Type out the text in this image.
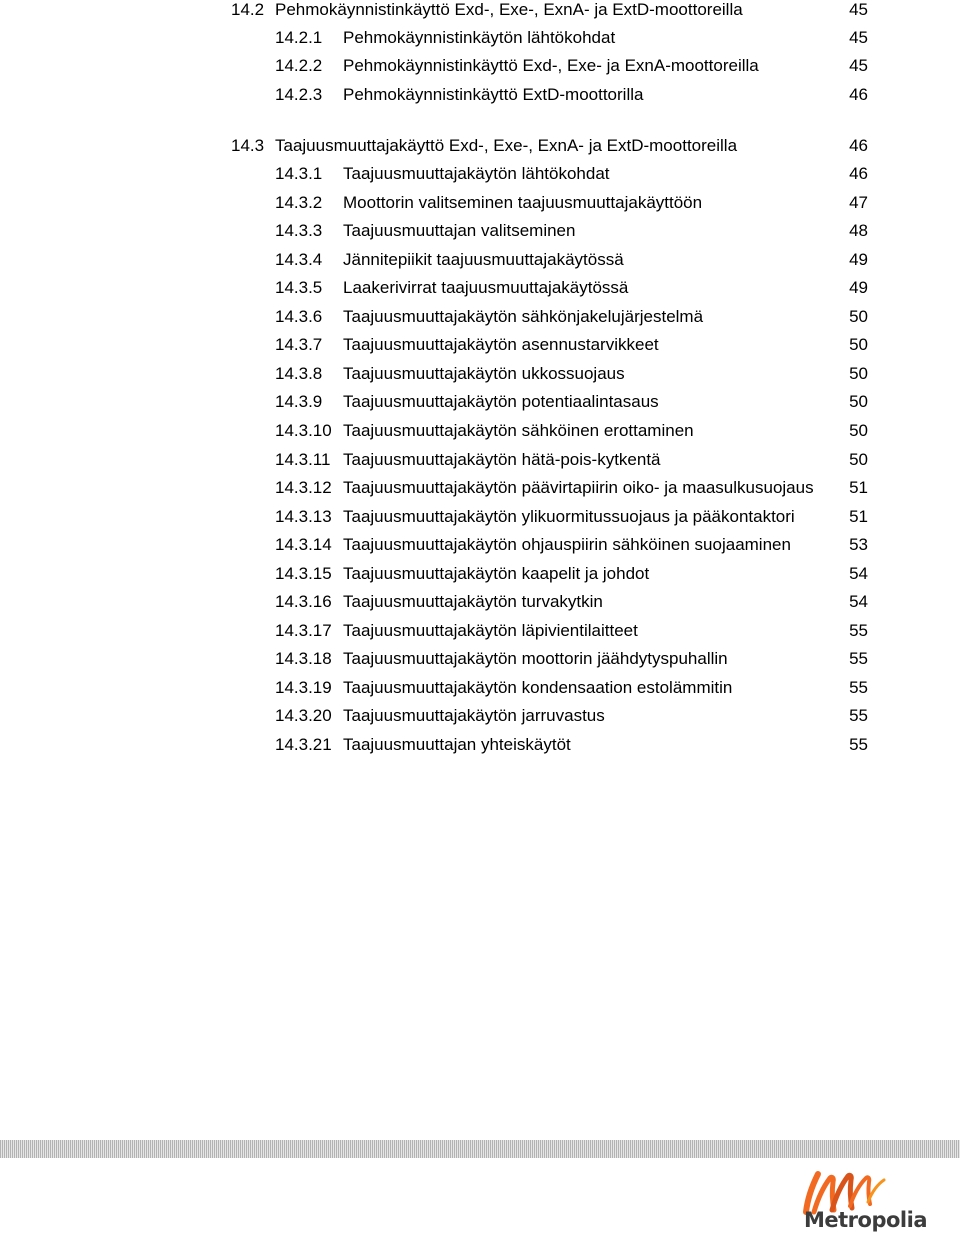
14.2 Pehmokäynnistinkäyttö Exd-, Exe-, ExnA- ja ExtD-moottoreilla	45
14.2.1 Pehmokäynnistinkäytön lähtökohdat	45
14.2.2 Pehmokäynnistinkäyttö Exd-, Exe- ja ExnA-moottoreilla	45
14.2.3 Pehmokäynnistinkäyttö ExtD-moottorilla	46
14.3 Taajuusmuuttajakäyttö Exd-, Exe-, ExnA- ja ExtD-moottoreilla	46
14.3.1 Taajuusmuuttajakäytön lähtökohdat	46
14.3.2 Moottorin valitseminen taajuusmuuttajakäyttöön	47
14.3.3 Taajuusmuuttajan valitseminen	48
14.3.4 Jännitepiikit taajuusmuuttajakäytössä	49
14.3.5 Laakerivirrat taajuusmuuttajakäytössä	49
14.3.6 Taajuusmuuttajakäytön sähkönjakelujärjestelmä	50
14.3.7 Taajuusmuuttajakäytön asennustarvikkeet	50
14.3.8 Taajuusmuuttajakäytön ukkossuojaus	50
14.3.9 Taajuusmuuttajakäytön potentiaalintasaus	50
14.3.10 Taajuusmuuttajakäytön sähköinen erottaminen	50
14.3.11 Taajuusmuuttajakäytön hätä-pois-kytkentä	50
14.3.12 Taajuusmuuttajakäytön päävirtapiirin oiko- ja maasulkusuojaus 51
14.3.13 Taajuusmuuttajakäytön ylikuormitussuojaus ja pääkontaktori	51
14.3.14 Taajuusmuuttajakäytön ohjauspiirin sähköinen suojaaminen	53
14.3.15 Taajuusmuuttajakäytön kaapelit ja johdot	54
14.3.16 Taajuusmuuttajakäytön turvakytkin	54
14.3.17 Taajuusmuuttajakäytön läpivientilaitteet	55
14.3.18 Taajuusmuuttajakäytön moottorin jäähdytyspuhallin	55
14.3.19 Taajuusmuuttajakäytön kondensaation estolämmitin	55
14.3.20 Taajuusmuuttajakäytön jarruvastus	55
14.3.21 Taajuusmuuttajan yhteiskäytöt	55
Metropolia
